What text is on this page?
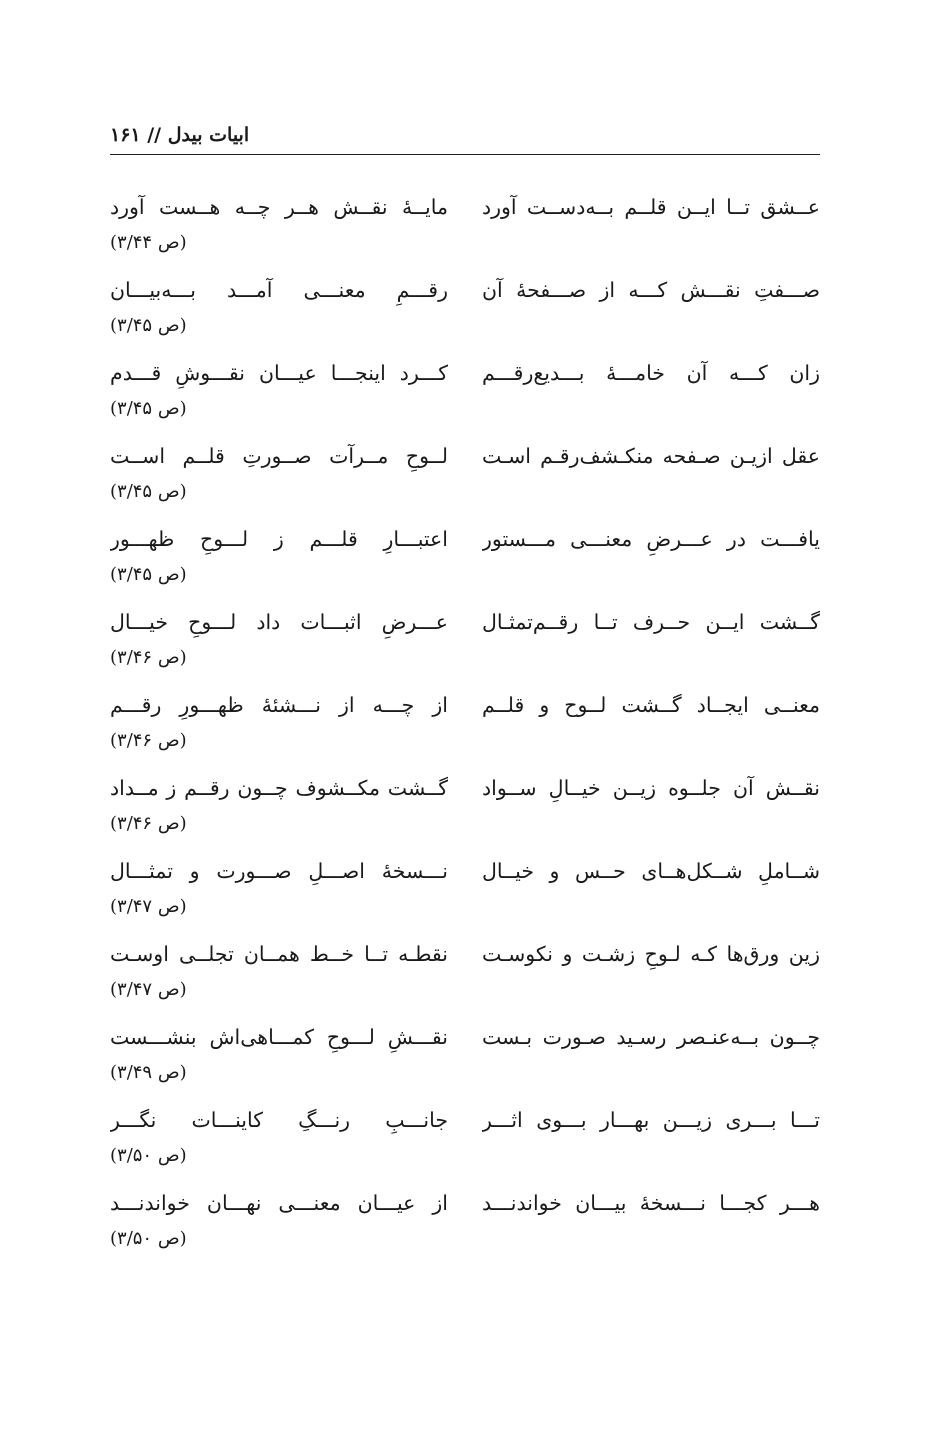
ابیات بیدل // ۱۶۱
عــشق تــا ایــن قلــم بــه‌دســت آورد
مایــهٔ نقــش هــر چــه هــست آورد
(ص ۳/۴۴)
صـــفتِ نقـــش کـــه از صـــفحهٔ آن
رقـــمِ معنـــی آمـــد بـــه‌بیـــان
(ص ۳/۴۵)
زان کـــه آن خامـــهٔ بـــدیع‌رقـــم
کـــرد اینجـــا عیـــان نقـــوشِ قـــدم
(ص ۳/۴۵)
عقل ازیـن صـفحه منکـشف‌رقـم اسـت
لــوحِ مــرآت صــورتِ قلــم اســت
(ص ۳/۴۵)
یافـــت در عـــرضِ معنـــی مـــستور
اعتبـــارِ قلـــم ز لـــوحِ ظهـــور
(ص ۳/۴۵)
گــشت ایــن حــرف تــا رقــم‌تمثـال
عـــرضِ اثبـــات داد لـــوحِ خیـــال
(ص ۳/۴۶)
معنــی ایجــاد گــشت لــوح و قلــم
از چـــه از نـــشئهٔ ظهـــورِ رقـــم
(ص ۳/۴۶)
نقــش آن جلــوه زیــن خیــالِ ســواد
گــشت مکــشوف چــون رقــم ز مــداد
(ص ۳/۴۶)
شــاملِ شــکل‌هــای حــس و خیــال
نـــسخهٔ اصـــلِ صـــورت و تمثـــال
(ص ۳/۴۷)
زین ورق‌ها کـه لـوحِ زشـت و نکوسـت
نقطـه تــا خــط همــان تجلــی اوسـت
(ص ۳/۴۷)
چــون بــه‌عنـصر رسـید صـورت بـست
نقـــشِ لـــوحِ کمـــاهی‌اش بنشـــست
(ص ۳/۴۹)
تـــا بـــری زیـــن بهـــار بـــوی اثـــر
جانـــبِ رنـــگِ کاینـــات نگـــر
(ص ۳/۵۰)
هـــر کجـــا نـــسخهٔ بیـــان خواندنـــد
از عیـــان معنـــی نهـــان خواندنـــد
(ص ۳/۵۰)
